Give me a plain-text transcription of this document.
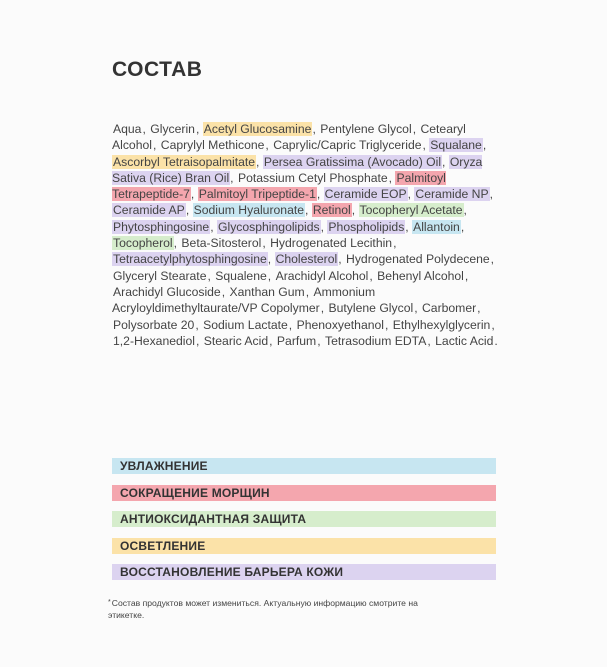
СОСТАВ
Aqua, Glycerin, Acetyl Glucosamine, Pentylene Glycol, Cetearyl Alcohol, Caprylyl Methicone, Caprylic/Capric Triglyceride, Squalane, Ascorbyl Tetraisopalmitate, Persea Gratissima (Avocado) Oil, Oryza Sativa (Rice) Bran Oil, Potassium Cetyl Phosphate, Palmitoyl Tetrapeptide-7, Palmitoyl Tripeptide-1, Ceramide EOP, Ceramide NP, Ceramide AP, Sodium Hyaluronate, Retinol, Tocopheryl Acetate, Phytosphingosine, Glycosphingolipids, Phospholipids, Allantoin, Tocopherol, Beta-Sitosterol, Hydrogenated Lecithin, Tetraacetylphytosphingosine, Cholesterol, Hydrogenated Polydecene, Glyceryl Stearate, Squalene, Arachidyl Alcohol, Behenyl Alcohol, Arachidyl Glucoside, Xanthan Gum, Ammonium Acryloyldimethyltaurate/VP Copolymer, Butylene Glycol, Carbomer, Polysorbate 20, Sodium Lactate, Phenoxyethanol, Ethylhexylglycerin, 1,2-Hexanediol, Stearic Acid, Parfum, Tetrasodium EDTA, Lactic Acid.
УВЛАЖНЕНИЕ
СОКРАЩЕНИЕ МОРЩИН
АНТИОКСИДАНТНАЯ ЗАЩИТА
ОСВЕТЛЕНИЕ
ВОССТАНОВЛЕНИЕ БАРЬЕРА КОЖИ
*Состав продуктов может измениться. Актуальную информацию смотрите на этикетке.
